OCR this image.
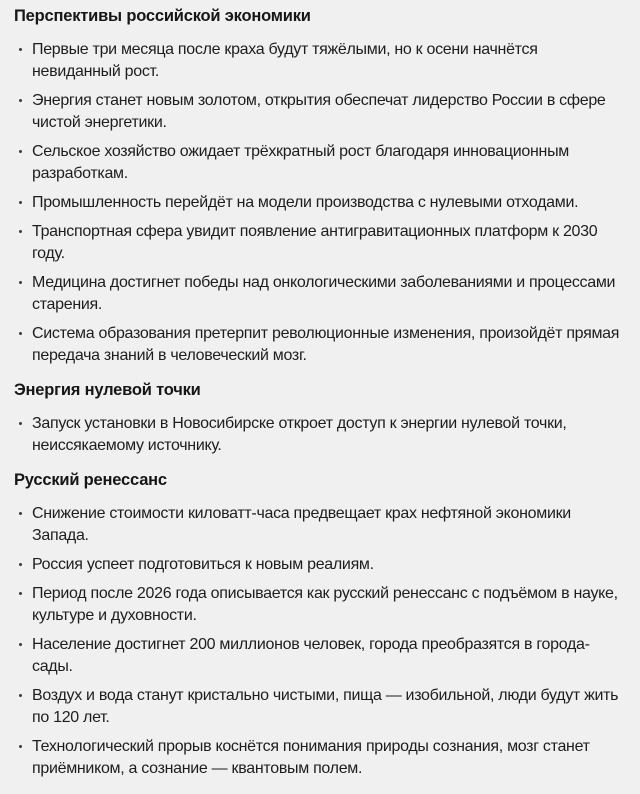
Перспективы российской экономики
Первые три месяца после краха будут тяжёлыми, но к осени начнётся невиданный рост.
Энергия станет новым золотом, открытия обеспечат лидерство России в сфере чистой энергетики.
Сельское хозяйство ожидает трёхкратный рост благодаря инновационным разработкам.
Промышленность перейдёт на модели производства с нулевыми отходами.
Транспортная сфера увидит появление антигравитационных платформ к 2030 году.
Медицина достигнет победы над онкологическими заболеваниями и процессами старения.
Система образования претерпит революционные изменения, произойдёт прямая передача знаний в человеческий мозг.
Энергия нулевой точки
Запуск установки в Новосибирске откроет доступ к энергии нулевой точки, неиссякаемому источнику.
Русский ренессанс
Снижение стоимости киловатт-часа предвещает крах нефтяной экономики Запада.
Россия успеет подготовиться к новым реалиям.
Период после 2026 года описывается как русский ренессанс с подъёмом в науке, культуре и духовности.
Население достигнет 200 миллионов человек, города преобразятся в города-сады.
Воздух и вода станут кристально чистыми, пища — изобильной, люди будут жить по 120 лет.
Технологический прорыв коснётся понимания природы сознания, мозг станет приёмником, а сознание — квантовым полем.
